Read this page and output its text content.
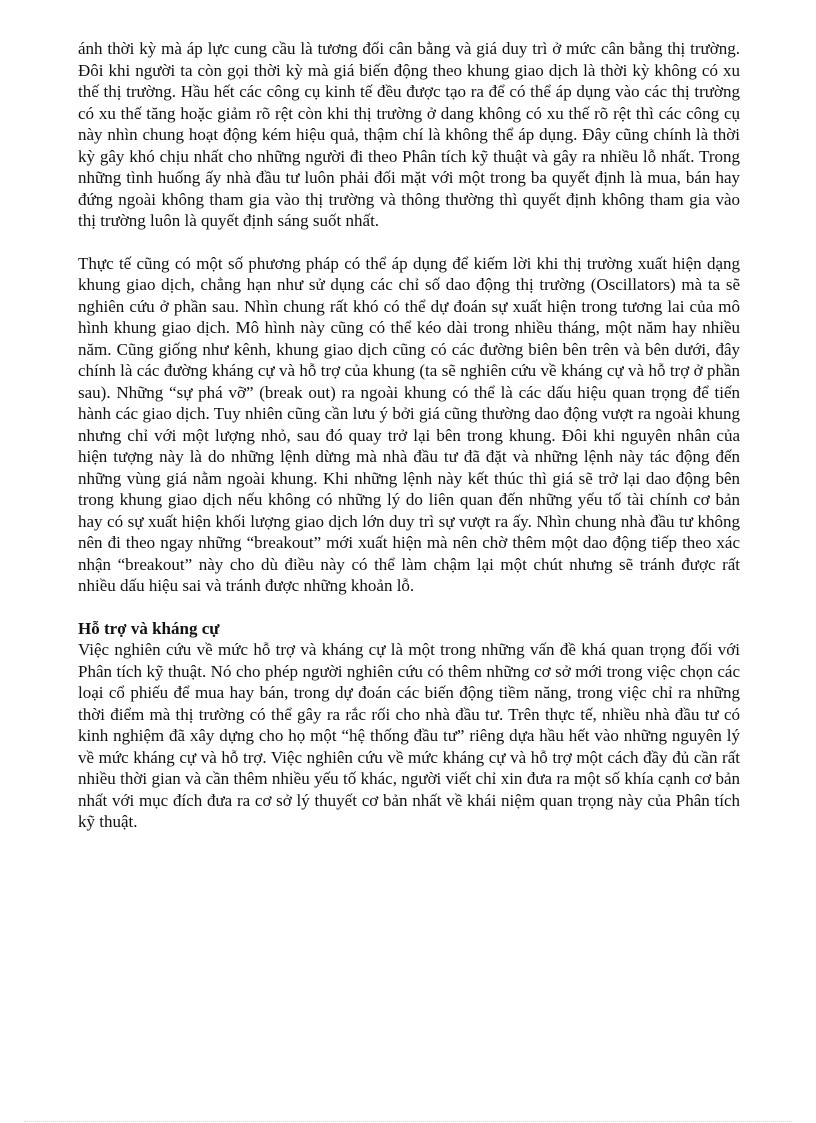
ánh thời kỳ mà áp lực cung cầu là tương đối cân bằng và giá duy trì ở mức cân bằng thị trường. Đôi khi người ta còn gọi thời kỳ mà giá biến động theo khung giao dịch là thời kỳ không có xu thế thị trường. Hầu hết các công cụ kinh tế đều được tạo ra để có thể áp dụng vào các thị trường có xu thế tăng hoặc giảm rõ rệt còn khi thị trường ở dang không có xu thế rõ rệt thì các công cụ này nhìn chung hoạt động kém hiệu quả, thậm chí là không thể áp dụng. Đây cũng chính là thời kỳ gây khó chịu nhất cho những người đi theo Phân tích kỹ thuật và gây ra nhiều lỗ nhất. Trong những tình huống ấy nhà đầu tư luôn phải đối mặt với một trong ba quyết định là mua, bán hay đứng ngoài không tham gia vào thị trường và thông thường thì quyết định không tham gia vào thị trường luôn là quyết định sáng suốt nhất.

Thực tế cũng có một số phương pháp có thể áp dụng để kiếm lời khi thị trường xuất hiện dạng khung giao dịch, chẳng hạn như sử dụng các chỉ số dao động thị trường (Oscillators) mà ta sẽ nghiên cứu ở phần sau. Nhìn chung rất khó có thể dự đoán sự xuất hiện trong tương lai của mô hình khung giao dịch. Mô hình này cũng có thể kéo dài trong nhiều tháng, một năm hay nhiều năm. Cũng giống như kênh, khung giao dịch cũng có các đường biên bên trên và bên dưới, đây chính là các đường kháng cự và hỗ trợ của khung (ta sẽ nghiên cứu về kháng cự và hỗ trợ ở phần sau). Những “sự phá vỡ” (break out) ra ngoài khung có thể là các dấu hiệu quan trọng để tiến hành các giao dịch. Tuy nhiên cũng cần lưu ý bởi giá cũng thường dao động vượt ra ngoài khung nhưng chỉ với một lượng nhỏ, sau đó quay trở lại bên trong khung. Đôi khi nguyên nhân của hiện tượng này là do những lệnh dừng mà nhà đầu tư đã đặt và những lệnh này tác động đến những vùng giá nằm ngoài khung. Khi những lệnh này kết thúc thì giá sẽ trở lại dao động bên trong khung giao dịch nếu không có những lý do liên quan đến những yếu tố tài chính cơ bản hay có sự xuất hiện khối lượng giao dịch lớn duy trì sự vượt ra ấy. Nhìn chung nhà đầu tư không nên đi theo ngay những “breakout” mới xuất hiện mà nên chờ thêm một dao động tiếp theo xác nhận “breakout” này cho dù điều này có thể làm chậm lại một chút nhưng sẽ tránh được rất nhiều dấu hiệu sai và tránh được những khoản lỗ.

Hỗ trợ và kháng cự

Việc nghiên cứu về mức hỗ trợ và kháng cự là một trong những vấn đề khá quan trọng đối với Phân tích kỹ thuật. Nó cho phép người nghiên cứu có thêm những cơ sở mới trong việc chọn các loại cổ phiếu để mua hay bán, trong dự đoán các biến động tiềm năng, trong việc chỉ ra những thời điểm mà thị trường có thể gây ra rắc rối cho nhà đầu tư. Trên thực tế, nhiều nhà đầu tư có kinh nghiệm đã xây dựng cho họ một “hệ thống đầu tư” riêng dựa hầu hết vào những nguyên lý về mức kháng cự và hỗ trợ. Việc nghiên cứu về mức kháng cự và hỗ trợ một cách đầy đủ cần rất nhiều thời gian và cần thêm nhiều yếu tố khác, người viết chỉ xin đưa ra một số khía cạnh cơ bản nhất với mục đích đưa ra cơ sở lý thuyết cơ bản nhất về khái niệm quan trọng này của Phân tích kỹ thuật.
